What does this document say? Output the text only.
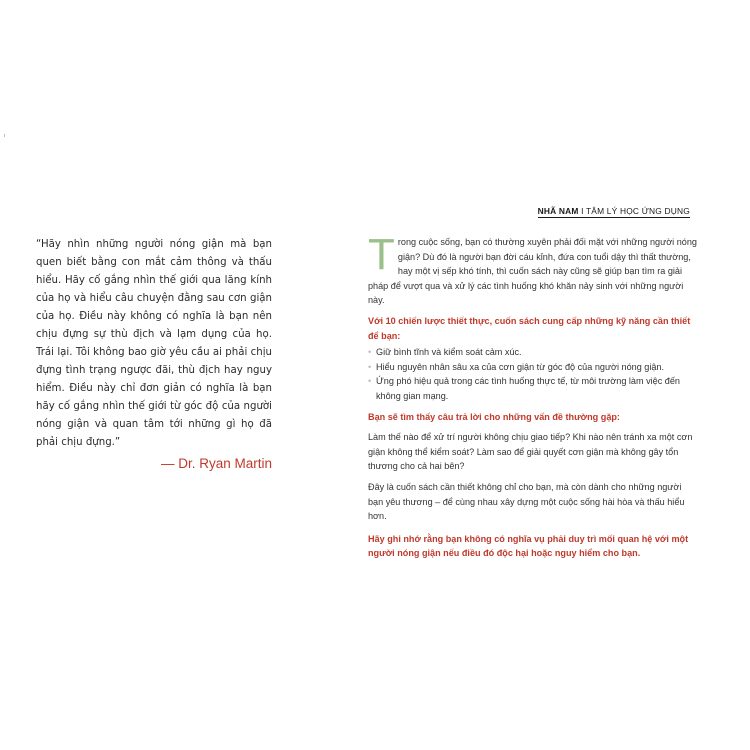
“Hãy nhìn những người nóng giận mà bạn quen biết bằng con mắt cảm thông và thấu hiểu. Hãy cố gắng nhìn thế giới qua lăng kính của họ và hiểu câu chuyện đằng sau cơn giận của họ. Điều này không có nghĩa là bạn nên chịu đựng sự thù địch và lạm dụng của họ. Trái lại. Tôi không bao giờ yêu cầu ai phải chịu đựng tình trạng ngược đãi, thù địch hay nguy hiểm. Điều này chỉ đơn giản có nghĩa là bạn hãy cố gắng nhìn thế giới từ góc độ của người nóng giận và quan tâm tới những gì họ đã phải chịu đựng.”

— Dr. Ryan Martin
NHÃ NAM I TÂM LÝ HỌC ỨNG DỤNG

Trong cuộc sống, bạn có thường xuyên phải đối mặt với những người nóng giận? Dù đó là người bạn đời cáu kỉnh, đứa con tuổi dậy thì thất thường, hay một vị sếp khó tính, thì cuốn sách này cũng sẽ giúp bạn tìm ra giải pháp để vượt qua và xử lý các tình huống khó khăn nảy sinh với những người này.

Với 10 chiến lược thiết thực, cuốn sách cung cấp những kỹ năng cần thiết để bạn:

• Giữ bình tĩnh và kiểm soát cảm xúc.
• Hiểu nguyên nhân sâu xa của cơn giận từ góc độ của người nóng giận.
• Ứng phó hiệu quả trong các tình huống thực tế, từ môi trường làm việc đến không gian mạng.

Bạn sẽ tìm thấy câu trả lời cho những vấn đề thường gặp:

Làm thế nào để xử trí người không chịu giao tiếp? Khi nào nên tránh xa một cơn giận không thể kiểm soát? Làm sao để giải quyết cơn giận mà không gây tổn thương cho cả hai bên?

Đây là cuốn sách cần thiết không chỉ cho bạn, mà còn dành cho những người bạn yêu thương – để cùng nhau xây dựng một cuộc sống hài hòa và thấu hiểu hơn.

Hãy ghi nhớ rằng bạn không có nghĩa vụ phải duy trì mối quan hệ với một người nóng giận nếu điều đó độc hại hoặc nguy hiểm cho bạn.
